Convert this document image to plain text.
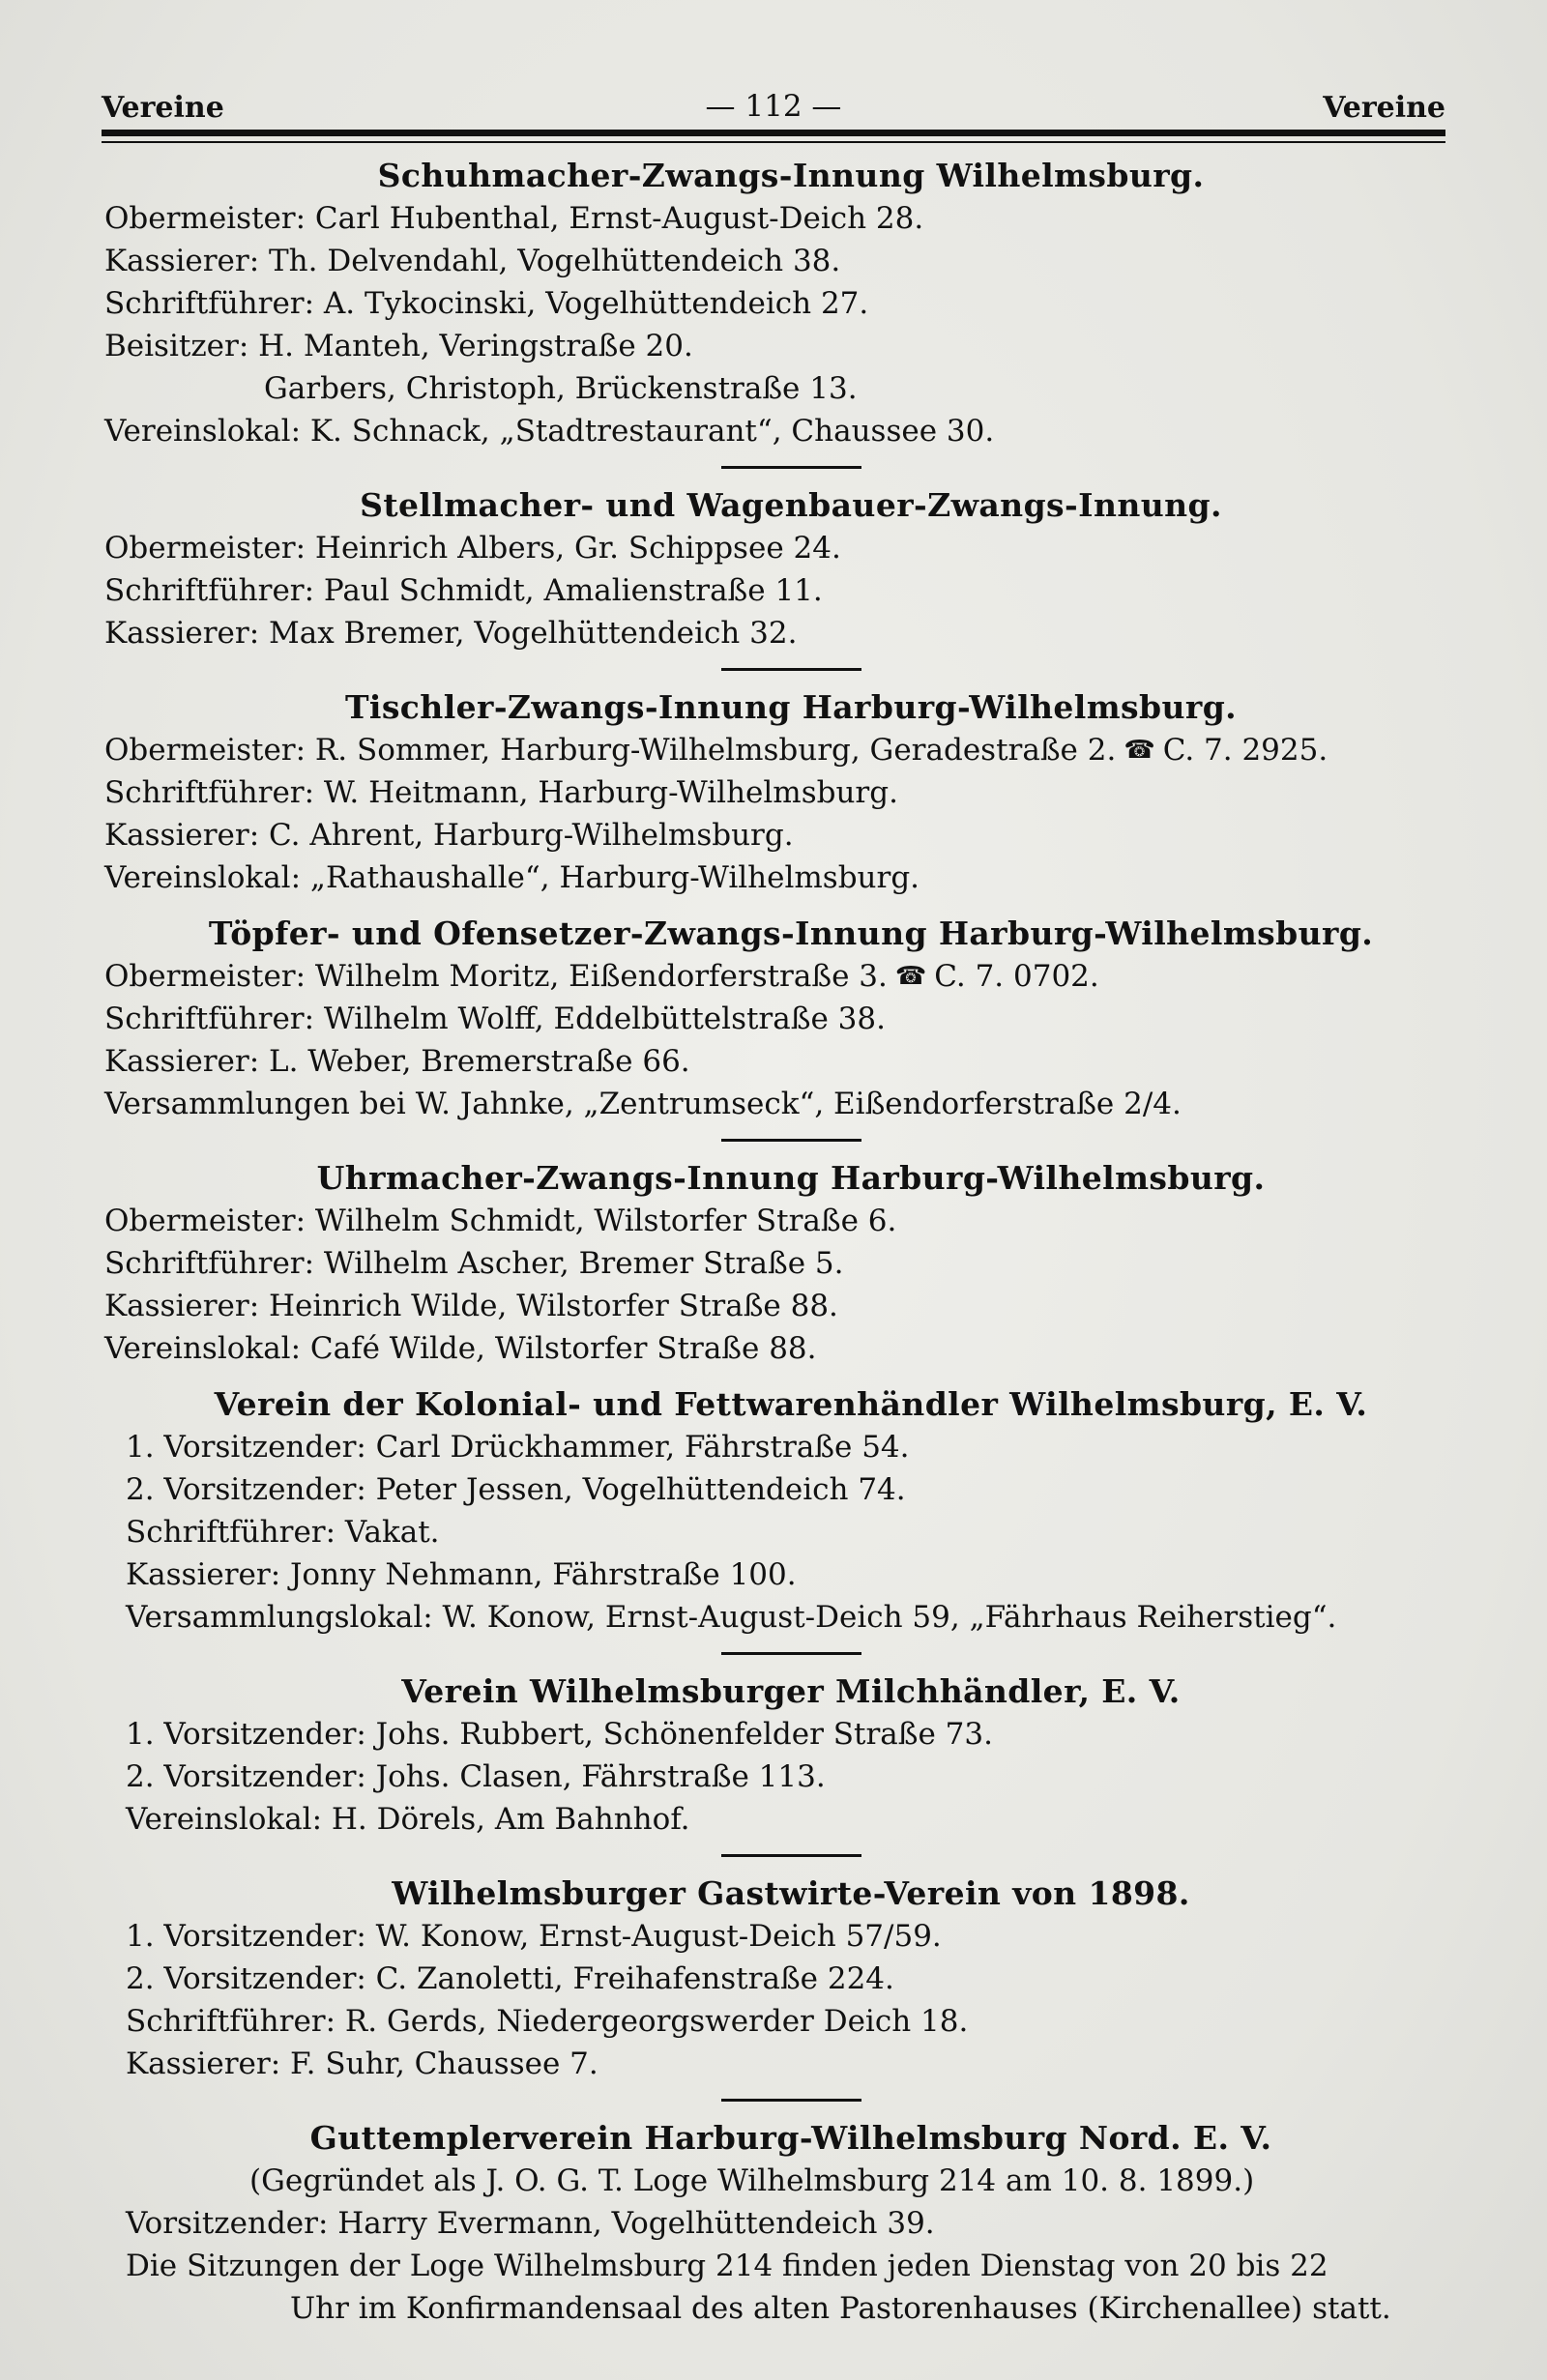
Vereine	— 112 —	Vereine
Schuhmacher-Zwangs-Innung Wilhelmsburg.
Obermeister: Carl Hubenthal, Ernst-August-Deich 28.
Kassierer: Th. Delvendahl, Vogelhüttendeich 38.
Schriftführer: A. Tykocinski, Vogelhüttendeich 27.
Beisitzer: H. Manteh, Veringstraße 20.
Garbers, Christoph, Brückenstraße 13.
Vereinslokal: K. Schnack, „Stadtrestaurant“, Chaussee 30.
Stellmacher- und Wagenbauer-Zwangs-Innung.
Obermeister: Heinrich Albers, Gr. Schippsee 24.
Schriftführer: Paul Schmidt, Amalienstraße 11.
Kassierer: Max Bremer, Vogelhüttendeich 32.
Tischler-Zwangs-Innung Harburg-Wilhelmsburg.
Obermeister: R. Sommer, Harburg-Wilhelmsburg, Geradestraße 2. ☎ C. 7. 2925.
Schriftführer: W. Heitmann, Harburg-Wilhelmsburg.
Kassierer: C. Ahrent, Harburg-Wilhelmsburg.
Vereinslokal: „Rathaushalle“, Harburg-Wilhelmsburg.
Töpfer- und Ofensetzer-Zwangs-Innung Harburg-Wilhelmsburg.
Obermeister: Wilhelm Moritz, Eißendorferstraße 3. ☎ C. 7. 0702.
Schriftführer: Wilhelm Wolff, Eddelbüttelstraße 38.
Kassierer: L. Weber, Bremerstraße 66.
Versammlungen bei W. Jahnke, „Zentrumseck“, Eißendorferstraße 2/4.
Uhrmacher-Zwangs-Innung Harburg-Wilhelmsburg.
Obermeister: Wilhelm Schmidt, Wilstorfer Straße 6.
Schriftführer: Wilhelm Ascher, Bremer Straße 5.
Kassierer: Heinrich Wilde, Wilstorfer Straße 88.
Vereinslokal: Café Wilde, Wilstorfer Straße 88.
Verein der Kolonial- und Fettwarenhändler Wilhelmsburg, E. V.
1. Vorsitzender: Carl Drückhammer, Fährstraße 54.
2. Vorsitzender: Peter Jessen, Vogelhüttendeich 74.
Schriftführer: Vakat.
Kassierer: Jonny Nehmann, Fährstraße 100.
Versammlungslokal: W. Konow, Ernst-August-Deich 59, „Fährhaus Reiherstieg“.
Verein Wilhelmsburger Milchhändler, E. V.
1. Vorsitzender: Johs. Rubbert, Schönenfelder Straße 73.
2. Vorsitzender: Johs. Clasen, Fährstraße 113.
Vereinslokal: H. Dörels, Am Bahnhof.
Wilhelmsburger Gastwirte-Verein von 1898.
1. Vorsitzender: W. Konow, Ernst-August-Deich 57/59.
2. Vorsitzender: C. Zanoletti, Freihafenstraße 224.
Schriftführer: R. Gerds, Niedergeorgswerder Deich 18.
Kassierer: F. Suhr, Chaussee 7.
Guttemplerverein Harburg-Wilhelmsburg Nord. E. V.
(Gegründet als J. O. G. T. Loge Wilhelmsburg 214 am 10. 8. 1899.)
Vorsitzender: Harry Evermann, Vogelhüttendeich 39.
Die Sitzungen der Loge Wilhelmsburg 214 finden jeden Dienstag von 20 bis 22
Uhr im Konfirmandensaal des alten Pastorenhauses (Kirchenallee) statt.
